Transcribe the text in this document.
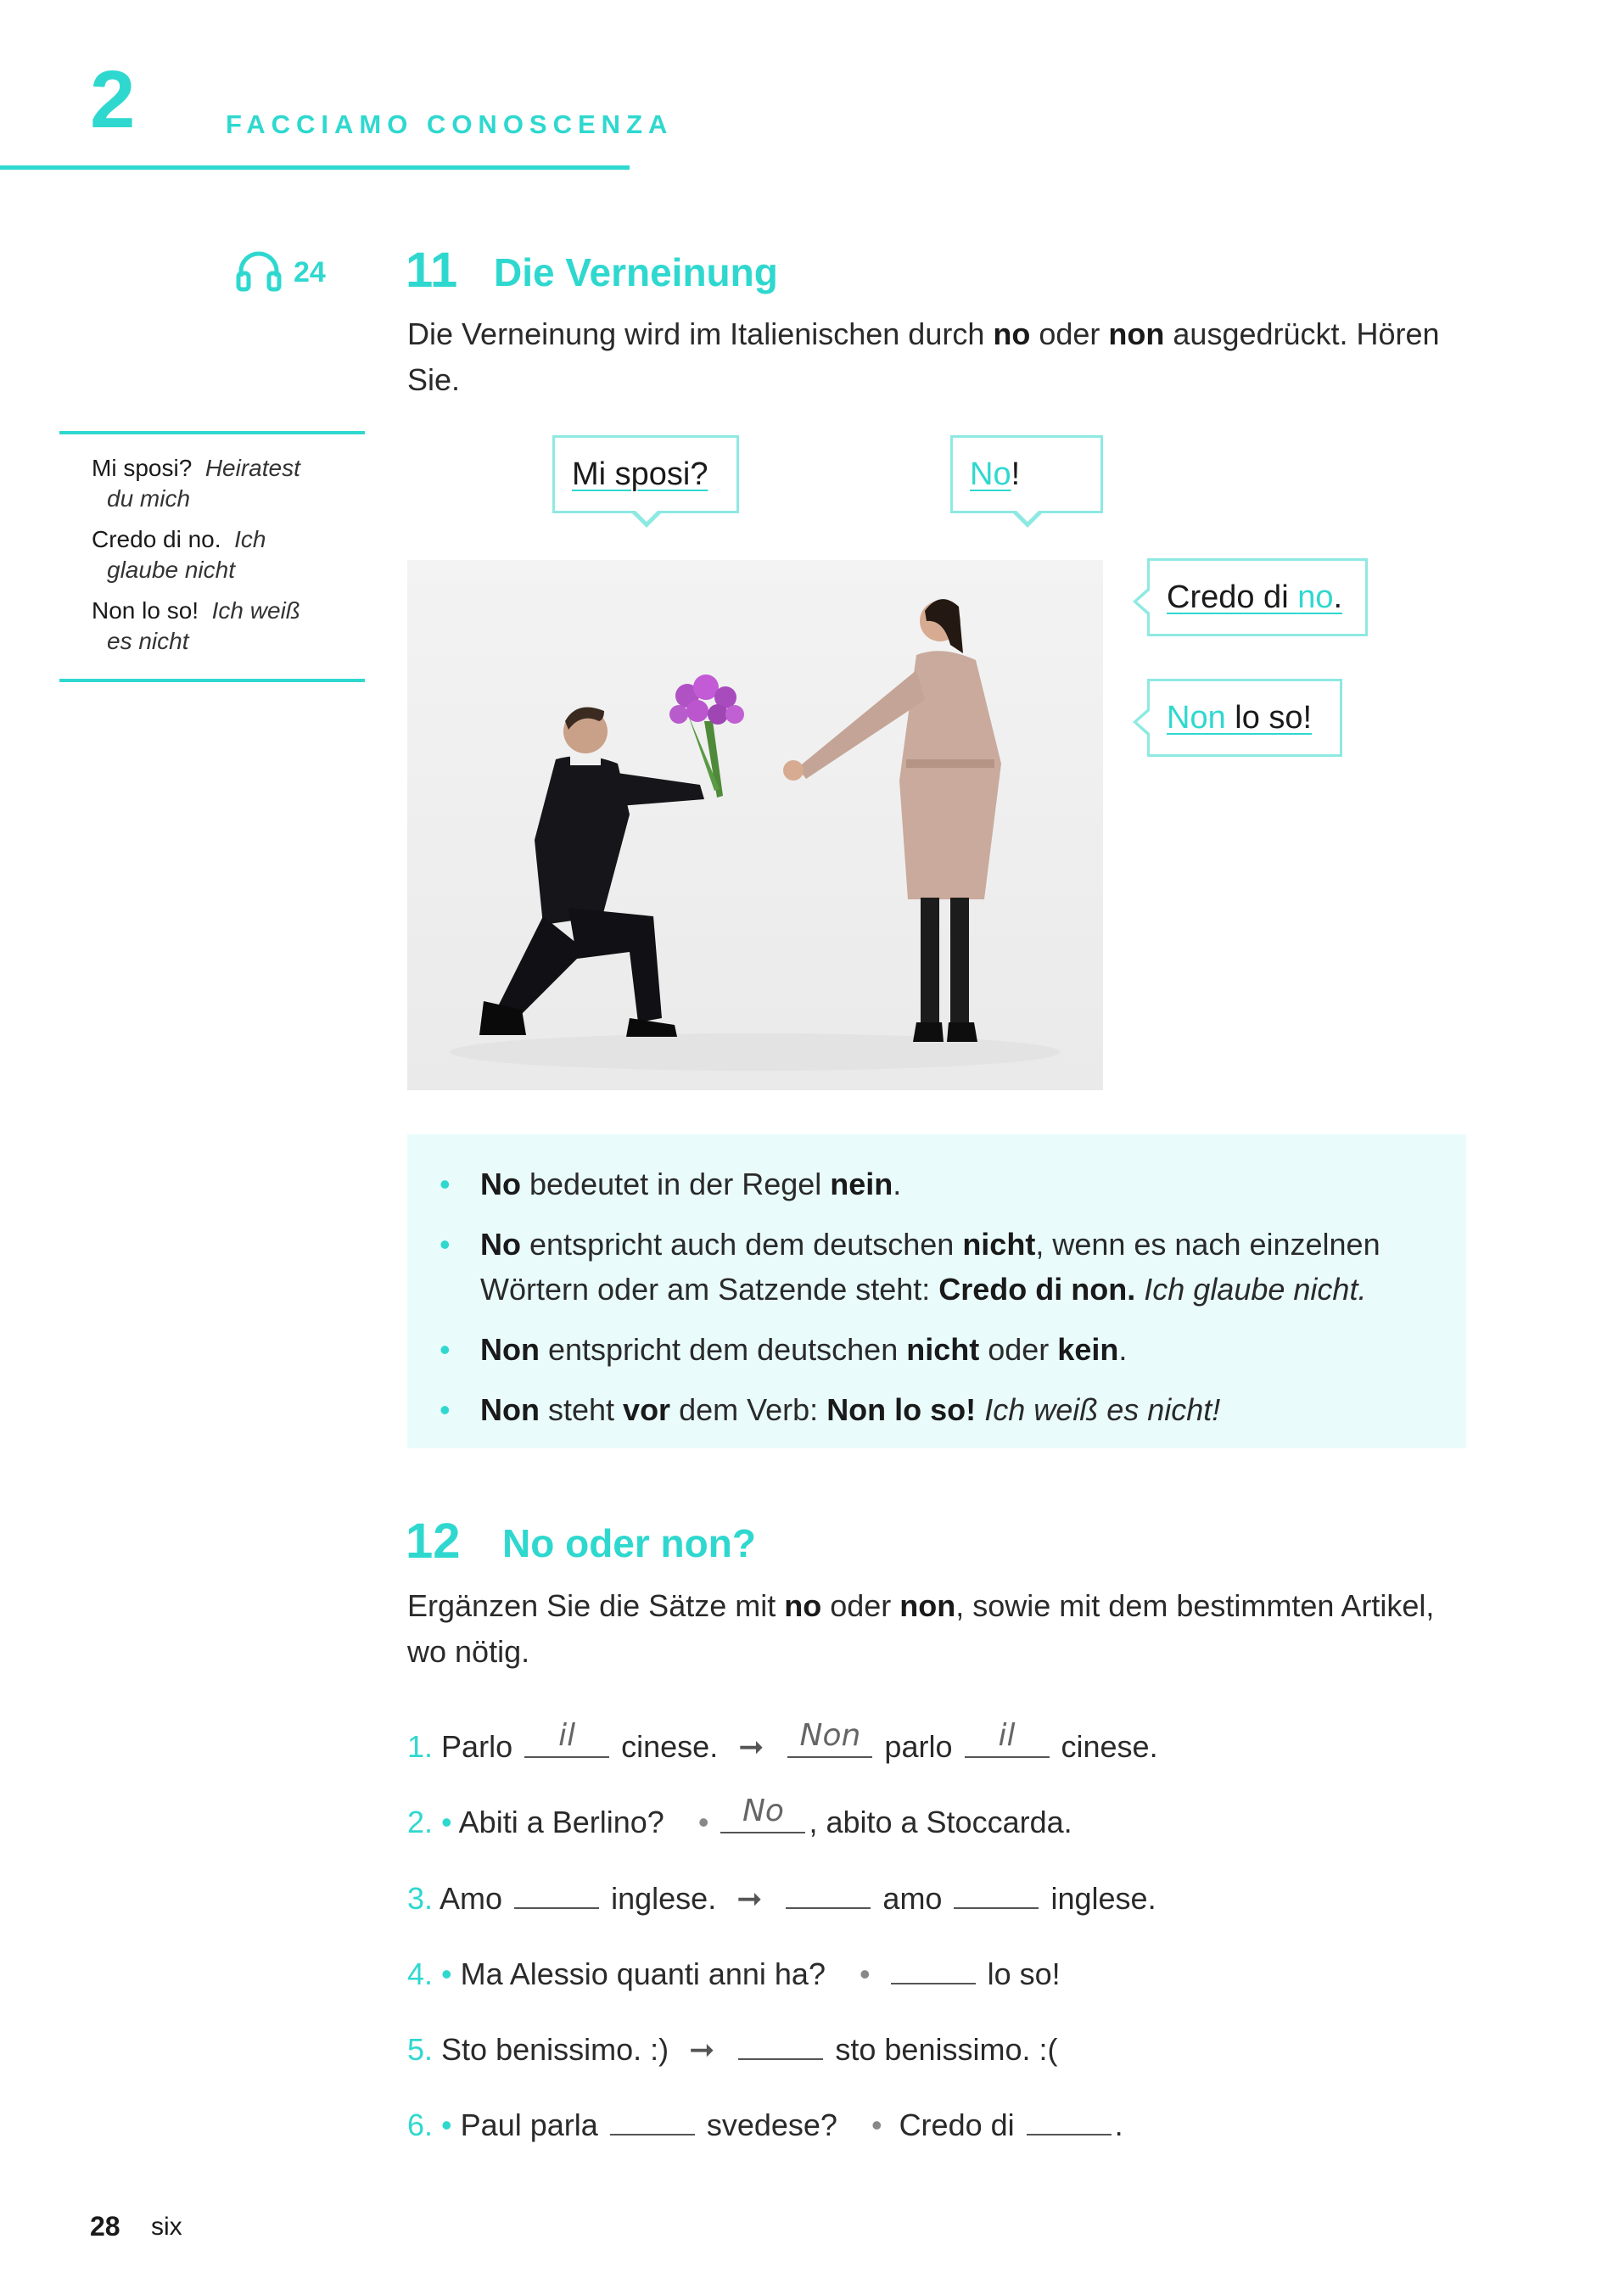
2	FACCIAMO CONOSCENZA
24 11 Die Verneinung
Die Verneinung wird im Italienischen durch no oder non ausgedrückt. Hören Sie.
Mi sposi? Heiratest
du mich
Credo di no. Ich
glaube nicht
Non lo so! Ich weiß
es nicht
Mi sposi?	No!
Credo di no.
Non lo so!
• No bedeutet in der Regel nein.
• No entspricht auch dem deutschen nicht, wenn es nach einzelnen Wörtern oder am Satzende steht: Credo di non. Ich glaube nicht.
• Non entspricht dem deutschen nicht oder kein.
• Non steht vor dem Verb: Non lo so! Ich weiß es nicht!
12 No oder non?
Ergänzen Sie die Sätze mit no oder non, sowie mit dem bestimmten Artikel, wo nötig.
1. Parlo il cinese. ➞ Non parlo il cinese.
2. • Abiti a Berlino? • No , abito a Stoccarda.
3. Amo	inglese. ➞	amo	inglese.
4. • Ma Alessio quanti anni ha? •	lo so!
5. Sto benissimo. :) ➞	sto benissimo. :(
6. • Paul parla	svedese? • Credo di	.
28 six
